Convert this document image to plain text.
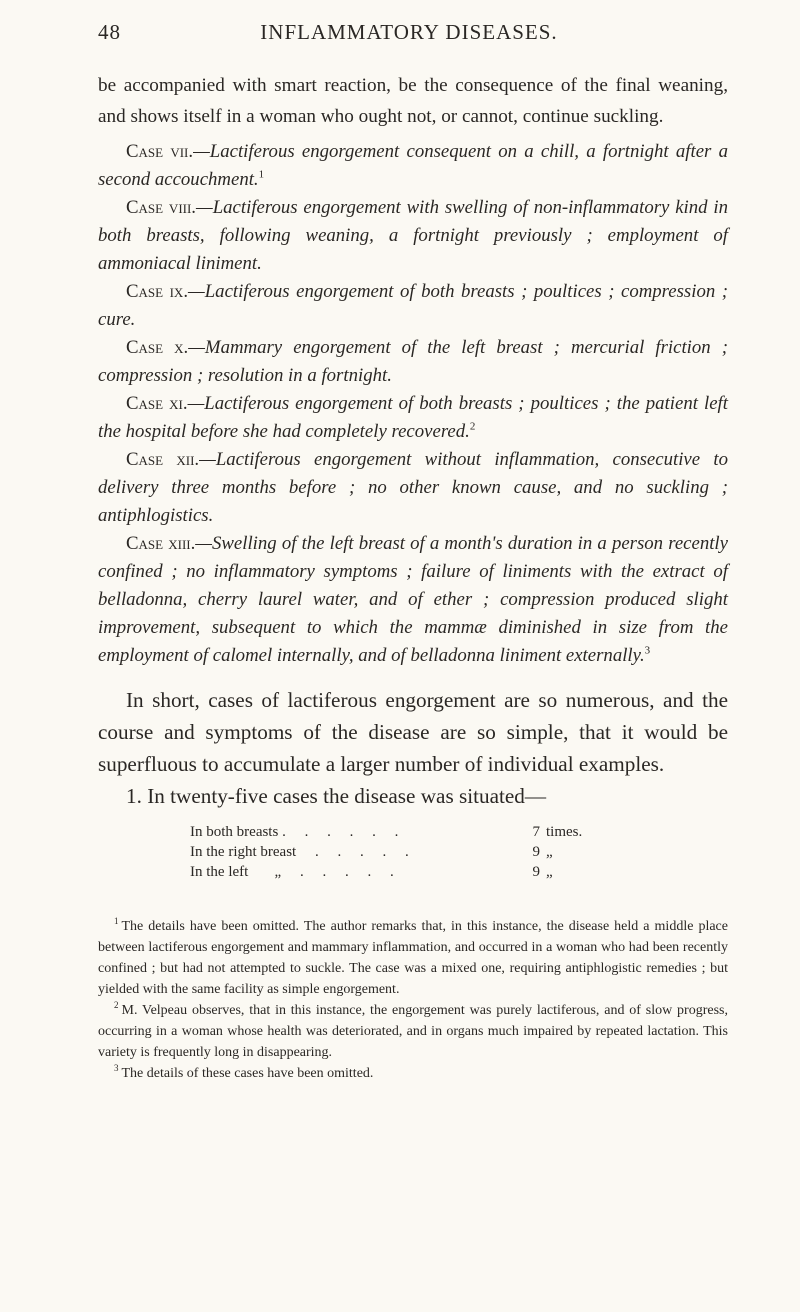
48	INFLAMMATORY DISEASES.

be accompanied with smart reaction, be the consequence of the final weaning, and shows itself in a woman who ought not, or cannot, continue suckling.

Case vii.—Lactiferous engorgement consequent on a chill, a fortnight after a second accouchment.$^1$

Case viii.—Lactiferous engorgement with swelling of non-inflammatory kind in both breasts, following weaning, a fortnight previously ; employment of ammoniacal liniment.

Case ix.—Lactiferous engorgement of both breasts ; poultices ; compression ; cure.

Case x.—Mammary engorgement of the left breast ; mercurial friction ; compression ; resolution in a fortnight.

Case xi.—Lactiferous engorgement of both breasts ; poultices ; the patient left the hospital before she had completely recovered.$^2$

Case xii.—Lactiferous engorgement without inflammation, consecutive to delivery three months before ; no other known cause, and no suckling ; antiphlogistics.

Case xiii.—Swelling of the left breast of a month's duration in a person recently confined ; no inflammatory symptoms ; failure of liniments with the extract of belladonna, cherry laurel water, and of ether ; compression produced slight improvement, subsequent to which the mammæ diminished in size from the employment of calomel internally, and of belladonna liniment externally.$^3$

In short, cases of lactiferous engorgement are so numerous, and the course and symptoms of the disease are so simple, that it would be superfluous to accumulate a larger number of individual examples.

1. In twenty-five cases the disease was situated—

In both breasts .     .     .     .     .     .	7 times.
In the right breast     .     .     .     .     .	9 „
In the left       „     .     .     .     .     .	9 „

$^1$ The details have been omitted. The author remarks that, in this instance, the disease held a middle place between lactiferous engorgement and mammary inflammation, and occurred in a woman who had been recently confined ; but had not attempted to suckle. The case was a mixed one, requiring antiphlogistic remedies ; but yielded with the same facility as simple engorgement.

$^2$ M. Velpeau observes, that in this instance, the engorgement was purely lactiferous, and of slow progress, occurring in a woman whose health was deteriorated, and in organs much impaired by repeated lactation. This variety is frequently long in disappearing.

$^3$ The details of these cases have been omitted.
